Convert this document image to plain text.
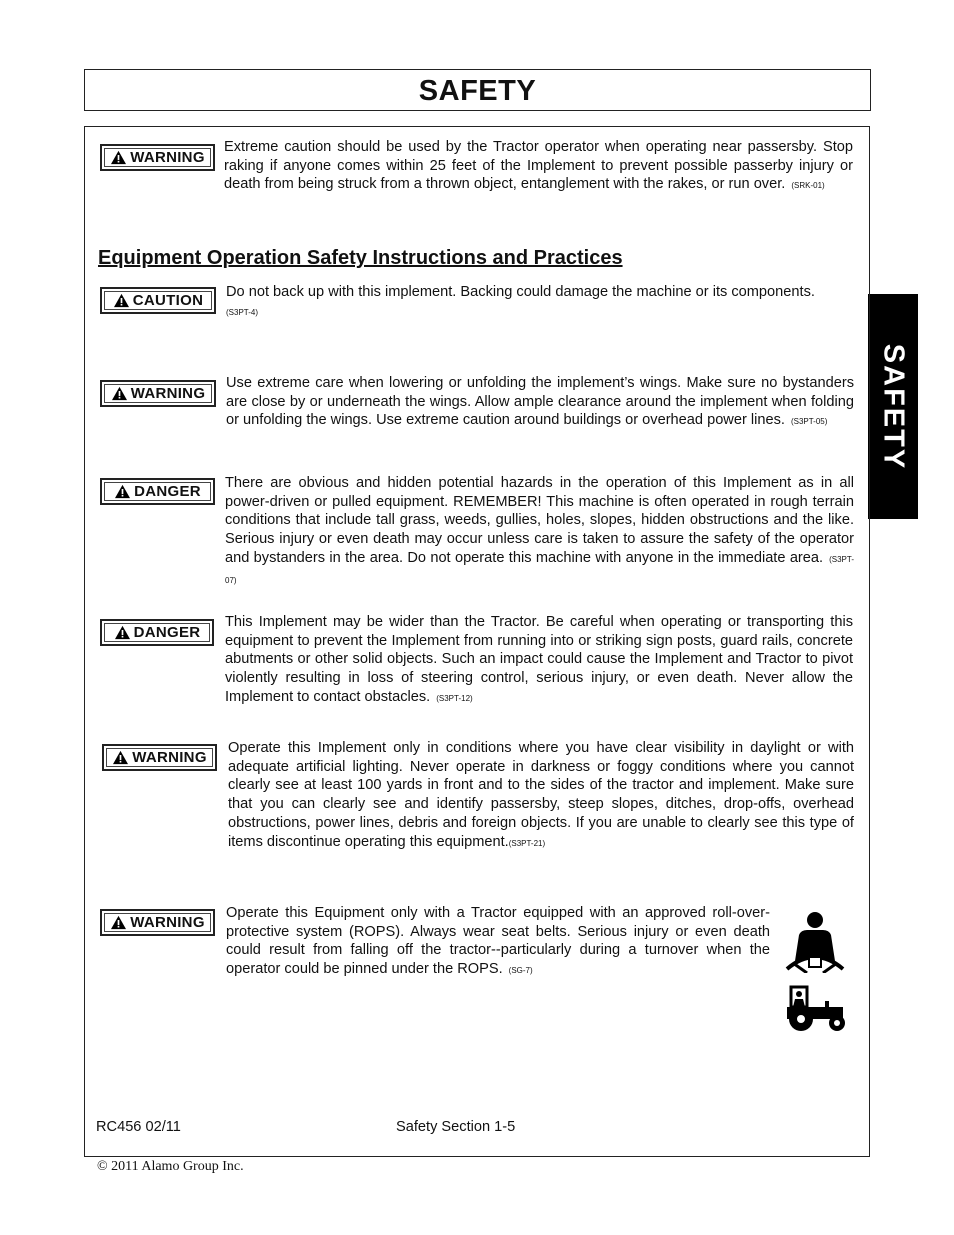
SAFETY
SAFETY
WARNING
Extreme caution should be used by the Tractor operator when operating near passersby. Stop raking if anyone comes within 25 feet of the Implement to prevent possible passerby injury or death from being struck from a thrown object, entanglement with the rakes, or run over. (SRK-01)
Equipment Operation Safety Instructions and Practices
CAUTION Do not back up with this implement. Backing could damage the machine or its components.
(S3PT-4)
WARNING
Use extreme care when lowering or unfolding the implement’s wings. Make sure no bystanders are close by or underneath the wings. Allow ample clearance around the implement when folding or unfolding the wings. Use extreme caution around buildings or overhead power lines. (S3PT-05)
DANGER There are obvious and hidden potential hazards in the operation of this Implement as in all power-driven or pulled equipment. REMEMBER! This machine is often operated in rough terrain conditions that include tall grass, weeds, gullies, holes, slopes, hidden obstructions and the like. Serious injury or even death may occur unless care is taken to assure the safety of the operator and bystanders in the area. Do not operate this machine with anyone in the immediate area. (S3PT-07)
DANGER
This Implement may be wider than the Tractor. Be careful when operating or transporting this equipment to prevent the Implement from running into or striking sign posts, guard rails, concrete abutments or other solid objects. Such an impact could cause the Implement and Tractor to pivot violently resulting in loss of steering control, serious injury, or even death. Never allow the Implement to contact obstacles. (S3PT-12)
WARNING
Operate this Implement only in conditions where you have clear visibility in daylight or with adequate artificial lighting. Never operate in darkness or foggy conditions where you cannot clearly see at least 100 yards in front and to the sides of the tractor and implement. Make sure that you can clearly see and identify passersby, steep slopes, ditches, drop-offs, overhead obstructions, power lines, debris and foreign objects. If you are unable to clearly see this type of items discontinue operating this equipment.(S3PT-21)
WARNING
Operate this Equipment only with a Tractor equipped with an approved roll-over-protective system (ROPS). Always wear seat belts. Serious injury or even death could result from falling off the tractor--particularly during a turnover when the operator could be pinned under the ROPS. (SG-7)
RC456 02/11	Safety Section 1-5
© 2011 Alamo Group Inc.
